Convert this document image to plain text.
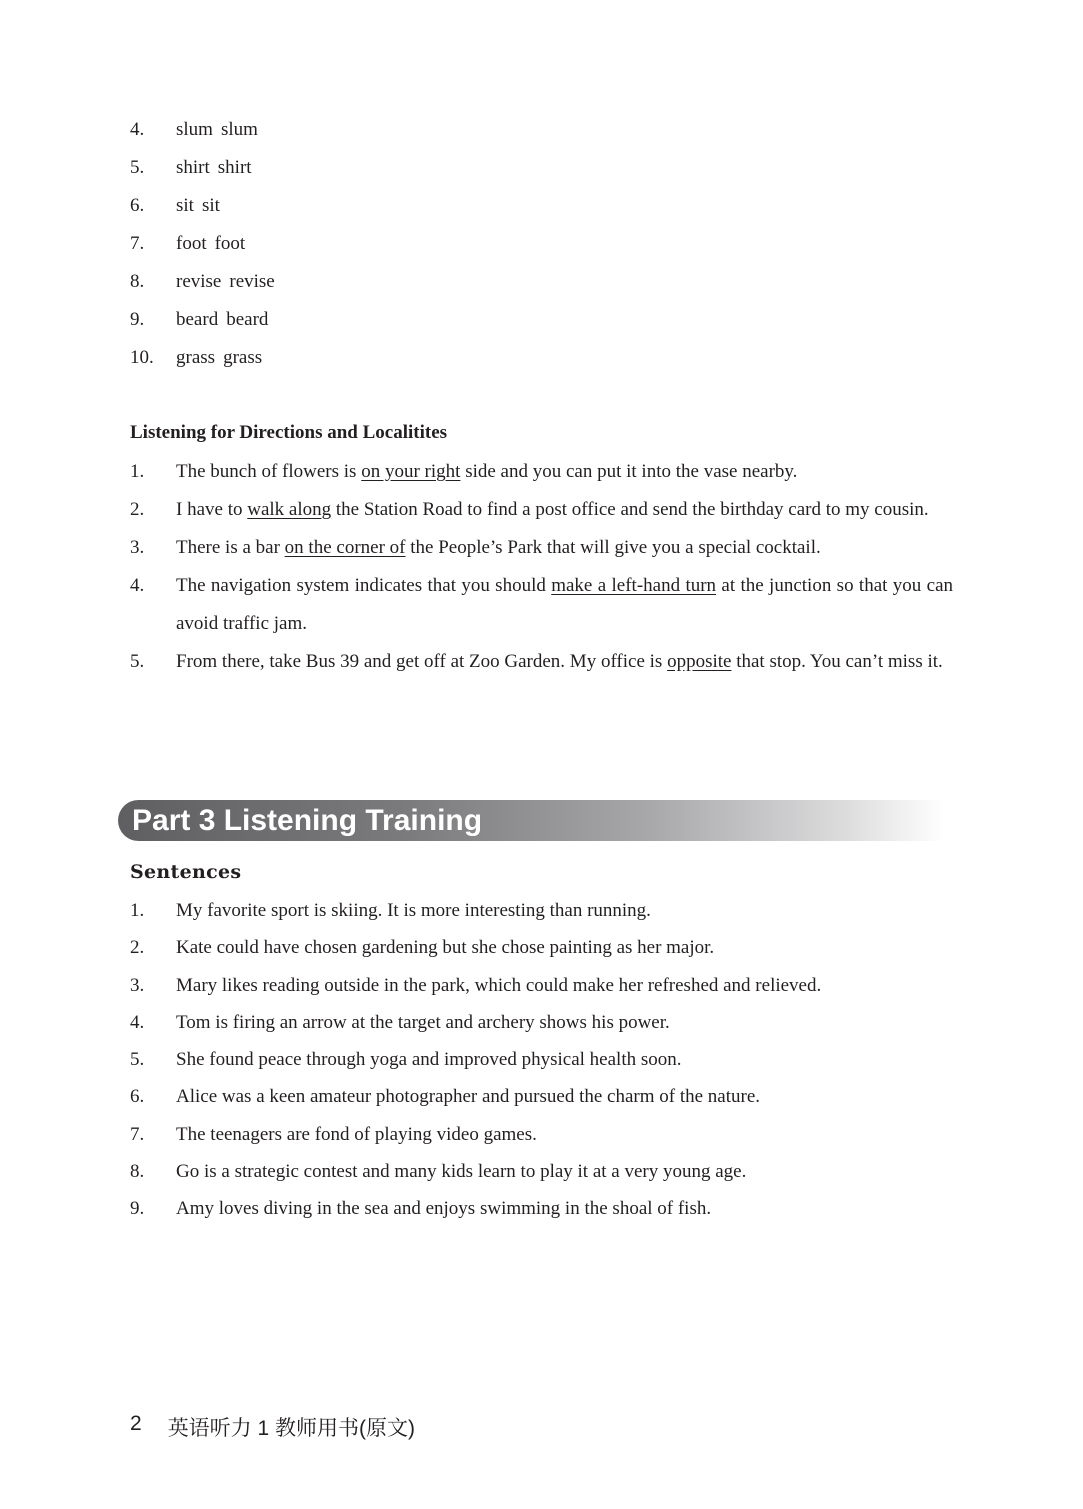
4.	slum slum
5.	shirt shirt
6.	sit sit
7.	foot foot
8.	revise revise
9.	beard beard
10.	grass grass
Listening for Directions and Localitites
1.	The bunch of flowers is on your right side and you can put it into the vase nearby.
2.	I have to walk along the Station Road to find a post office and send the birthday card to my cousin.
3.	There is a bar on the corner of the People’s Park that will give you a special cocktail.
4.	The navigation system indicates that you should make a left-hand turn at the junction so that you can avoid traffic jam.
5.	From there, take Bus 39 and get off at Zoo Garden. My office is opposite that stop. You can’t miss it.
Part 3 Listening Training
Sentences
1.	My favorite sport is skiing. It is more interesting than running.
2.	Kate could have chosen gardening but she chose painting as her major.
3.	Mary likes reading outside in the park, which could make her refreshed and relieved.
4.	Tom is firing an arrow at the target and archery shows his power.
5.	She found peace through yoga and improved physical health soon.
6.	Alice was a keen amateur photographer and pursued the charm of the nature.
7.	The teenagers are fond of playing video games.
8.	Go is a strategic contest and many kids learn to play it at a very young age.
9.	Amy loves diving in the sea and enjoys swimming in the shoal of fish.
2 英语听力 1 教师用书(原文)
